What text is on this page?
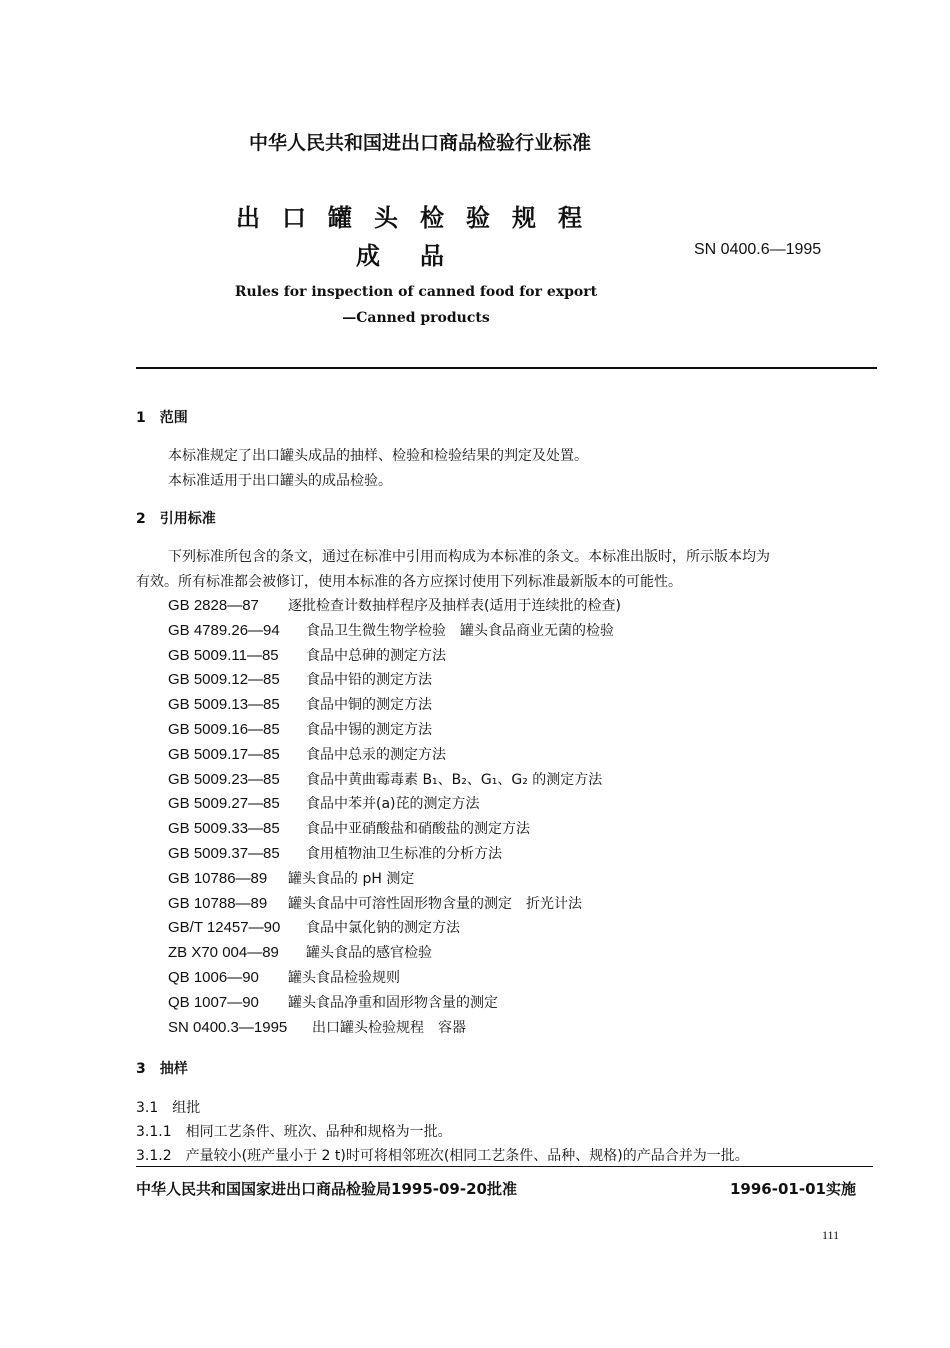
中华人民共和国进出口商品检验行业标准
出口罐头检验规程
成品	SN 0400.6—1995
Rules for inspection of canned food for export
—Canned products
1　范围
本标准规定了出口罐头成品的抽样、检验和检验结果的判定及处置。
本标准适用于出口罐头的成品检验。
2　引用标准
下列标准所包含的条文，通过在标准中引用而构成为本标准的条文。本标准出版时，所示版本均为
有效。所有标准都会被修订，使用本标准的各方应探讨使用下列标准最新版本的可能性。
GB 2828—87 逐批检查计数抽样程序及抽样表(适用于连续批的检查)
GB 4789.26—94 食品卫生微生物学检验　罐头食品商业无菌的检验
GB 5009.11—85 食品中总砷的测定方法
GB 5009.12—85 食品中铅的测定方法
GB 5009.13—85 食品中铜的测定方法
GB 5009.16—85 食品中锡的测定方法
GB 5009.17—85 食品中总汞的测定方法
GB 5009.23—85 食品中黄曲霉毒素 B₁、B₂、G₁、G₂ 的测定方法
GB 5009.27—85 食品中苯并(a)芘的测定方法
GB 5009.33—85 食品中亚硝酸盐和硝酸盐的测定方法
GB 5009.37—85 食用植物油卫生标准的分析方法
GB 10786—89 罐头食品的 pH 测定
GB 10788—89 罐头食品中可溶性固形物含量的测定　折光计法
GB/T 12457—90 食品中氯化钠的测定方法
ZB X70 004—89 罐头食品的感官检验
QB 1006—90 罐头食品检验规则
QB 1007—90 罐头食品净重和固形物含量的测定
SN 0400.3—1995 出口罐头检验规程　容器
3　抽样
3.1　组批
3.1.1　相同工艺条件、班次、品种和规格为一批。
3.1.2　产量较小(班产量小于 2 t)时可将相邻班次(相同工艺条件、品种、规格)的产品合并为一批。
中华人民共和国国家进出口商品检验局1995-09-20批准	1996-01-01实施
111
